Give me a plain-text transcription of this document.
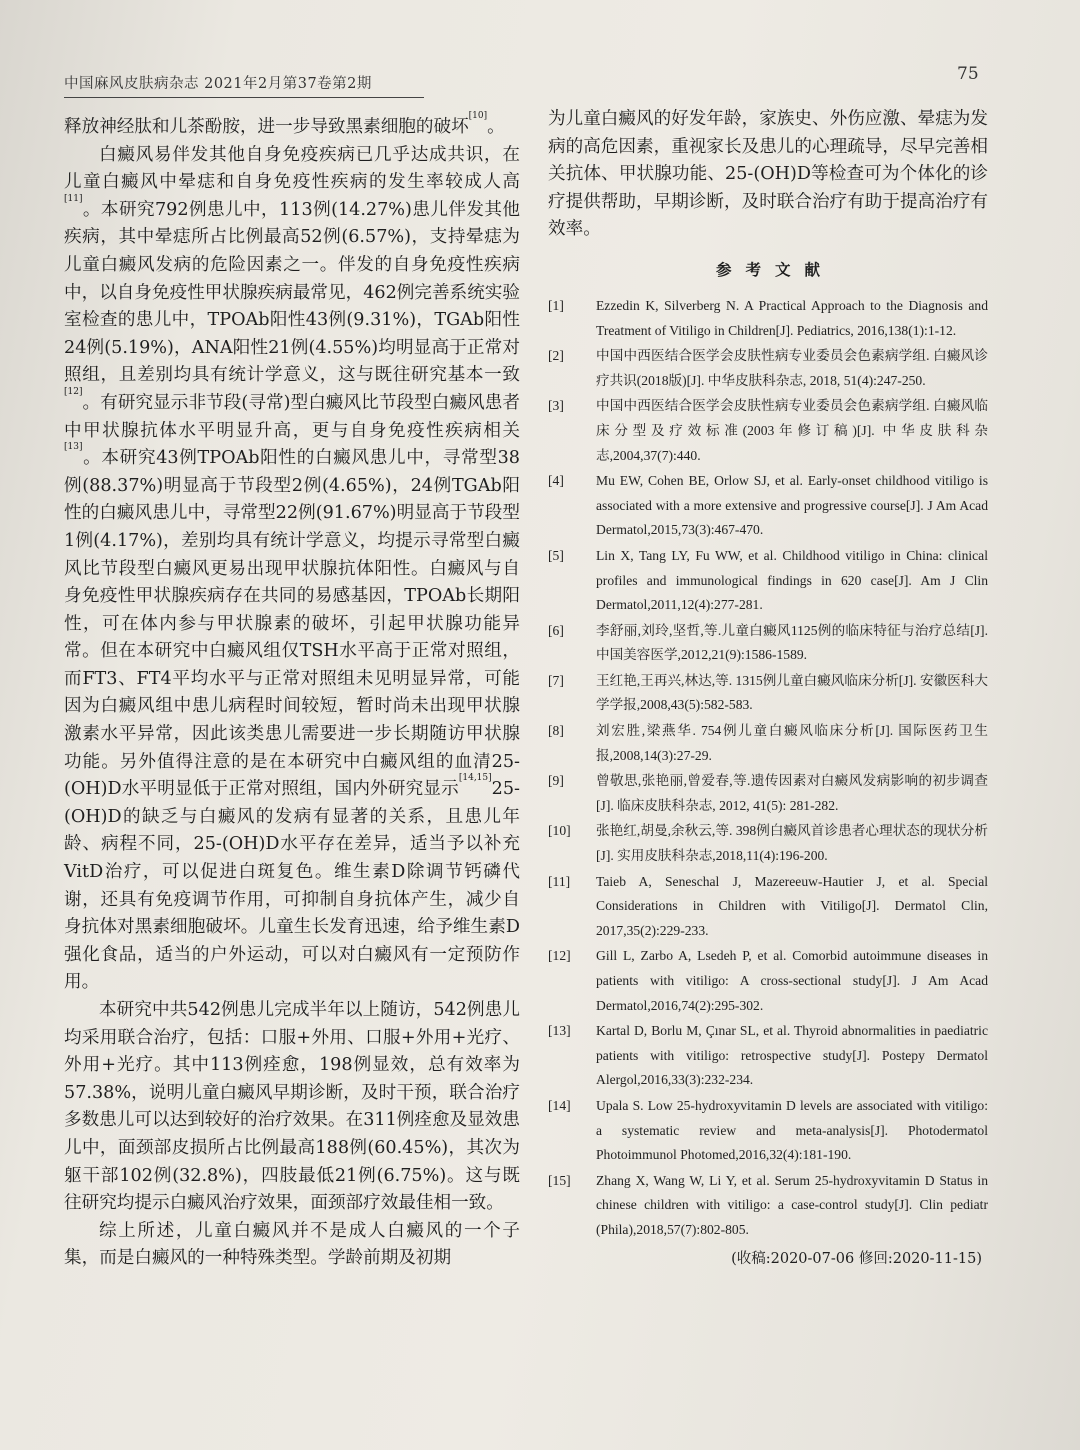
中国麻风皮肤病杂志 2021年2月第37卷第2期	75

释放神经肽和儿茶酚胺，进一步导致黑素细胞的破坏[10]。

白癜风易伴发其他自身免疫疾病已几乎达成共识，在儿童白癜风中晕痣和自身免疫性疾病的发生率较成人高[11]。本研究792例患儿中，113例(14.27%)患儿伴发其他疾病，其中晕痣所占比例最高52例(6.57%)，支持晕痣为儿童白癜风发病的危险因素之一。伴发的自身免疫性疾病中，以自身免疫性甲状腺疾病最常见，462例完善系统实验室检查的患儿中，TPOAb阳性43例(9.31%)，TGAb阳性24例(5.19%)，ANA阳性21例(4.55%)均明显高于正常对照组，且差别均具有统计学意义，这与既往研究基本一致[12]。有研究显示非节段(寻常)型白癜风比节段型白癜风患者中甲状腺抗体水平明显升高，更与自身免疫性疾病相关[13]。本研究43例TPOAb阳性的白癜风患儿中，寻常型38例(88.37%)明显高于节段型2例(4.65%)，24例TGAb阳性的白癜风患儿中，寻常型22例(91.67%)明显高于节段型1例(4.17%)，差别均具有统计学意义，均提示寻常型白癜风比节段型白癜风更易出现甲状腺抗体阳性。白癜风与自身免疫性甲状腺疾病存在共同的易感基因，TPOAb长期阳性，可在体内参与甲状腺素的破坏，引起甲状腺功能异常。但在本研究中白癜风组仅TSH水平高于正常对照组，而FT3、FT4平均水平与正常对照组未见明显异常，可能因为白癜风组中患儿病程时间较短，暂时尚未出现甲状腺激素水平异常，因此该类患儿需要进一步长期随访甲状腺功能。另外值得注意的是在本研究中白癜风组的血清25-(OH)D水平明显低于正常对照组，国内外研究显示[14,15]25-(OH)D的缺乏与白癜风的发病有显著的关系，且患儿年龄、病程不同，25-(OH)D水平存在差异，适当予以补充VitD治疗，可以促进白斑复色。维生素D除调节钙磷代谢，还具有免疫调节作用，可抑制自身抗体产生，减少自身抗体对黑素细胞破坏。儿童生长发育迅速，给予维生素D强化食品，适当的户外运动，可以对白癜风有一定预防作用。

本研究中共542例患儿完成半年以上随访，542例患儿均采用联合治疗，包括：口服+外用、口服+外用+光疗、外用+光疗。其中113例痊愈，198例显效，总有效率为57.38%，说明儿童白癜风早期诊断，及时干预，联合治疗多数患儿可以达到较好的治疗效果。在311例痊愈及显效患儿中，面颈部皮损所占比例最高188例(60.45%)，其次为躯干部102例(32.8%)，四肢最低21例(6.75%)。这与既往研究均提示白癜风治疗效果，面颈部疗效最佳相一致。

综上所述，儿童白癜风并不是成人白癜风的一个子集，而是白癜风的一种特殊类型。学龄前期及初期

为儿童白癜风的好发年龄，家族史、外伤应激、晕痣为发病的高危因素，重视家长及患儿的心理疏导，尽早完善相关抗体、甲状腺功能、25-(OH)D等检查可为个体化的诊疗提供帮助，早期诊断，及时联合治疗有助于提高治疗有效率。

参考文献
[1]	Ezzedin K, Silverberg N. A Practical Approach to the Diagnosis and Treatment of Vitiligo in Children[J]. Pediatrics, 2016,138(1):1-12.
[2]	中国中西医结合医学会皮肤性病专业委员会色素病学组. 白癜风诊疗共识(2018版)[J]. 中华皮肤科杂志, 2018, 51(4):247-250.
[3]	中国中西医结合医学会皮肤性病专业委员会色素病学组. 白癜风临床分型及疗效标准(2003年修订稿)[J]. 中华皮肤科杂志,2004,37(7):440.
[4]	Mu EW, Cohen BE, Orlow SJ, et al. Early-onset childhood vitiligo is associated with a more extensive and progressive course[J]. J Am Acad Dermatol,2015,73(3):467-470.
[5]	Lin X, Tang LY, Fu WW, et al. Childhood vitiligo in China: clinical profiles and immunological findings in 620 case[J]. Am J Clin Dermatol,2011,12(4):277-281.
[6]	李舒丽,刘玲,坚哲,等.儿童白癜风1125例的临床特征与治疗总结[J]. 中国美容医学,2012,21(9):1586-1589.
[7]	王红艳,王再兴,林达,等. 1315例儿童白癜风临床分析[J]. 安徽医科大学学报,2008,43(5):582-583.
[8]	刘宏胜,梁燕华. 754例儿童白癜风临床分析[J]. 国际医药卫生报,2008,14(3):27-29.
[9]	曾敬思,张艳丽,曾爱春,等.遗传因素对白癜风发病影响的初步调查[J]. 临床皮肤科杂志, 2012, 41(5): 281-282.
[10]	张艳红,胡曼,余秋云,等. 398例白癜风首诊患者心理状态的现状分析[J]. 实用皮肤科杂志,2018,11(4):196-200.
[11]	Taieb A, Seneschal J, Mazereeuw-Hautier J, et al. Special Considerations in Children with Vitiligo[J]. Dermatol Clin, 2017,35(2):229-233.
[12]	Gill L, Zarbo A, Lsedeh P, et al. Comorbid autoimmune diseases in patients with vitiligo: A cross-sectional study[J]. J Am Acad Dermatol,2016,74(2):295-302.
[13]	Kartal D, Borlu M, Çınar SL, et al. Thyroid abnormalities in paediatric patients with vitiligo: retrospective study[J]. Postepy Dermatol Alergol,2016,33(3):232-234.
[14]	Upala S. Low 25-hydroxyvitamin D levels are associated with vitiligo: a systematic review and meta-analysis[J]. Photodermatol Photoimmunol Photomed,2016,32(4):181-190.
[15]	Zhang X, Wang W, Li Y, et al. Serum 25-hydroxyvitamin D Status in chinese children with vitiligo: a case-control study[J]. Clin pediatr (Phila),2018,57(7):802-805.
(收稿:2020-07-06 修回:2020-11-15)
